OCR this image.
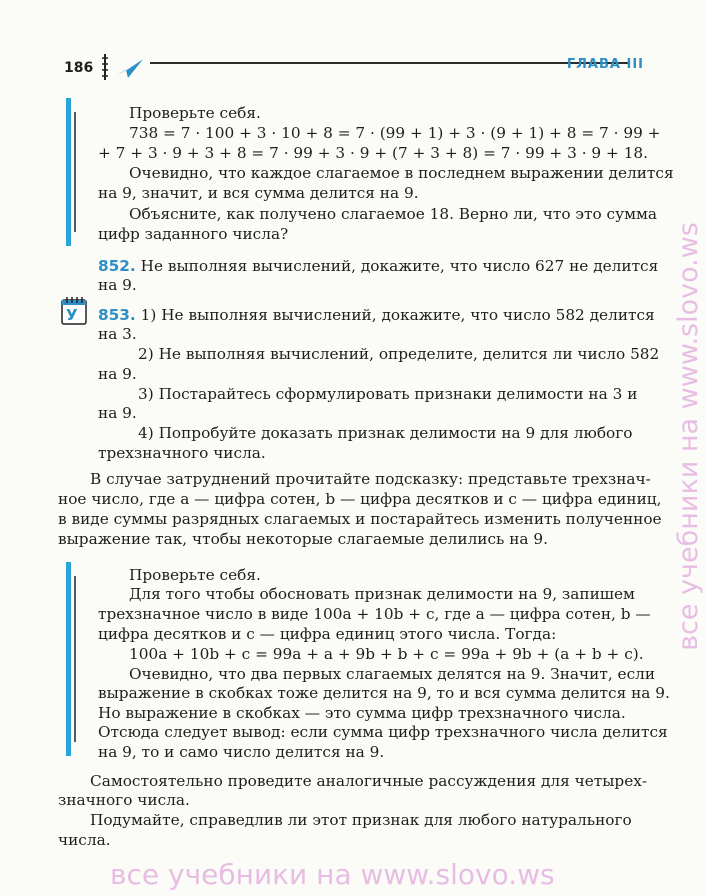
186	ГЛАВА III

Проверьте себя.

738 = 7 · 100 + 3 · 10 + 8 = 7 · (99 + 1) + 3 · (9 + 1) + 8 = 7 · 99 +

+ 7 + 3 · 9 + 3 + 8 = 7 · 99 + 3 · 9 + (7 + 3 + 8) = 7 · 99 + 3 · 9 + 18.

Очевидно, что каждое слагаемое в последнем выражении делится

на 9, значит, и вся сумма делится на 9.

Объясните, как получено слагаемое 18. Верно ли, что это сумма

цифр заданного числа?

852. Не выполняя вычислений, докажите, что число 627 не делится

на 9.

У 853. 1) Не выполняя вычислений, докажите, что число 582 делится

на 3.

2) Не выполняя вычислений, определите, делится ли число 582

на 9.

3) Постарайтесь сформулировать признаки делимости на 3 и

на 9.

4) Попробуйте доказать признак делимости на 9 для любого

трехзначного числа.

В случае затруднений прочитайте подсказку: представьте трехзнач-

ное число, где a — цифра сотен, b — цифра десятков и c — цифра единиц,

в виде суммы разрядных слагаемых и постарайтесь изменить полученное

выражение так, чтобы некоторые слагаемые делились на 9.

Проверьте себя.

Для того чтобы обосновать признак делимости на 9, запишем

трехзначное число в виде 100a + 10b + c, где a — цифра сотен, b —

цифра десятков и c — цифра единиц этого числа. Тогда:

100a + 10b + c = 99a + a + 9b + b + c = 99a + 9b + (a + b + c).

Очевидно, что два первых слагаемых делятся на 9. Значит, если

выражение в скобках тоже делится на 9, то и вся сумма делится на 9.

Но выражение в скобках — это сумма цифр трехзначного числа.

Отсюда следует вывод: если сумма цифр трехзначного числа делится

на 9, то и само число делится на 9.

Самостоятельно проведите аналогичные рассуждения для четырех-

значного числа.

Подумайте, справедлив ли этот признак для любого натурального

числа.

все учебники на www.slovo.ws
все учебники на www.slovo.ws
